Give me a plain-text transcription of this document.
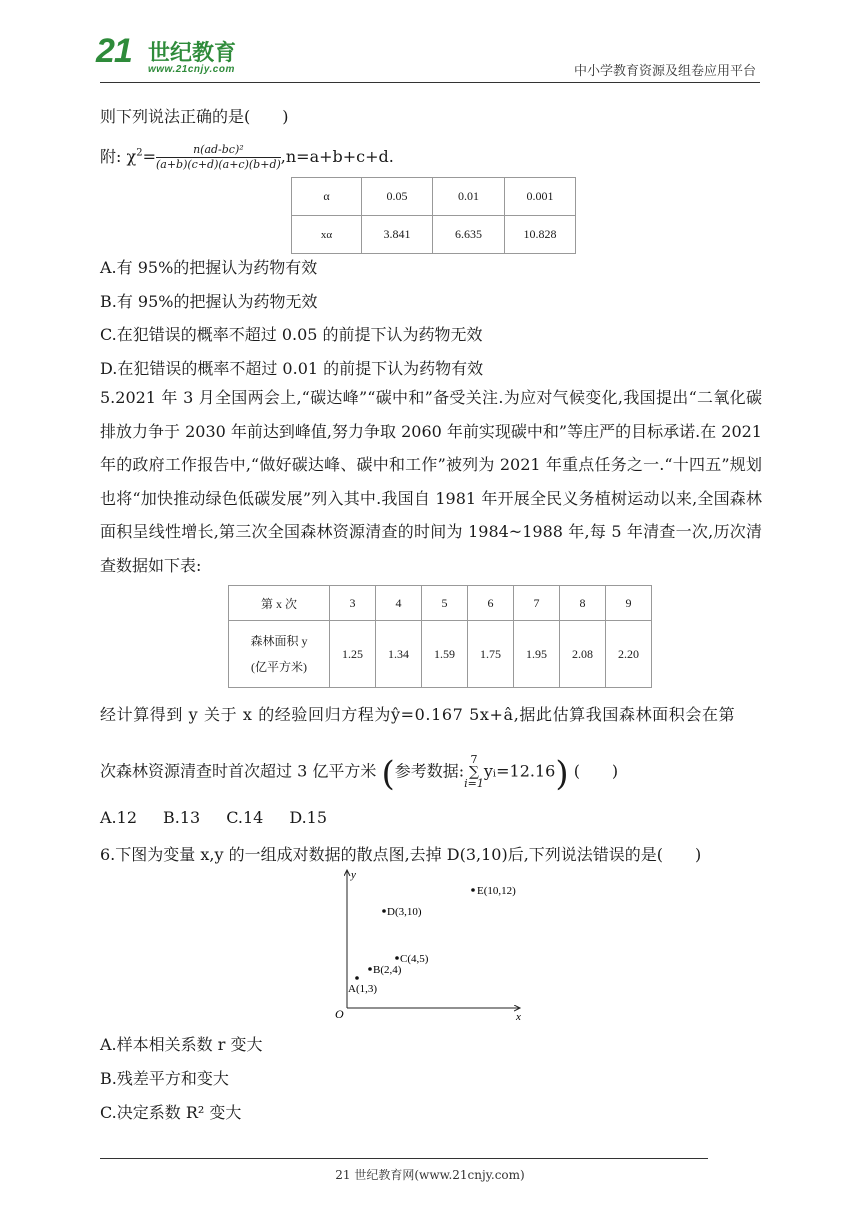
21 世纪教育
www.21cnjy.com	中小学教育资源及组卷应用平台
则下列说法正确的是(　　)
附: $\chi^2= \frac{\text{n(ad-bc)²}}{(a+b)(c+d)(a+c)(b+d)} ,n=a+b+c+d$.
α	0.05	0.01	0.001
xα	3.841	6.635	10.828
A.有 95%的把握认为药物有效
B.有 95%的把握认为药物无效
C.在犯错误的概率不超过 0.05 的前提下认为药物无效
D.在犯错误的概率不超过 0.01 的前提下认为药物有效
5.2021 年 3 月全国两会上,“碳达峰”“碳中和”备受关注.为应对气候变化,我国提出“二氧化碳排放力争于 2030 年前达到峰值,努力争取 2060 年前实现碳中和”等庄严的目标承诺.在 2021 年的政府工作报告中,“做好碳达峰、碳中和工作”被列为 2021 年重点任务之一.“十四五”规划也将“加快推动绿色低碳发展”列入其中.我国自 1981 年开展全民义务植树运动以来,全国森林面积呈线性增长,第三次全国森林资源清查的时间为 1984~1988 年,每 5 年清查一次,历次清查数据如下表:
第 x 次	3	4	5	6	7	8	9

森林面积 y
(亿平方米)	1.25	1.34	1.59	1.75	1.95	2.08	2.20
经计算得到 y 关于 x 的经验回归方程为ŷ=0.167 5x+â,据此估算我国森林面积会在第
次森林资源清查时首次超过 3 亿平方米 (参考数据:
7
∑
i=1
yᵢ=12.16) (　　)
A.12 B.13 C.14 D.15
6.下图为变量 x,y 的一组成对数据的散点图,去掉 D(3,10)后,下列说法错误的是(　　)
y
x
O
A(1,3)
B(2,4)
C(4,5)
D(3,10)
E(10,12)
A.样本相关系数 r 变大
B.残差平方和变大
C.决定系数 R² 变大
21 世纪教育网(www.21cnjy.com)
